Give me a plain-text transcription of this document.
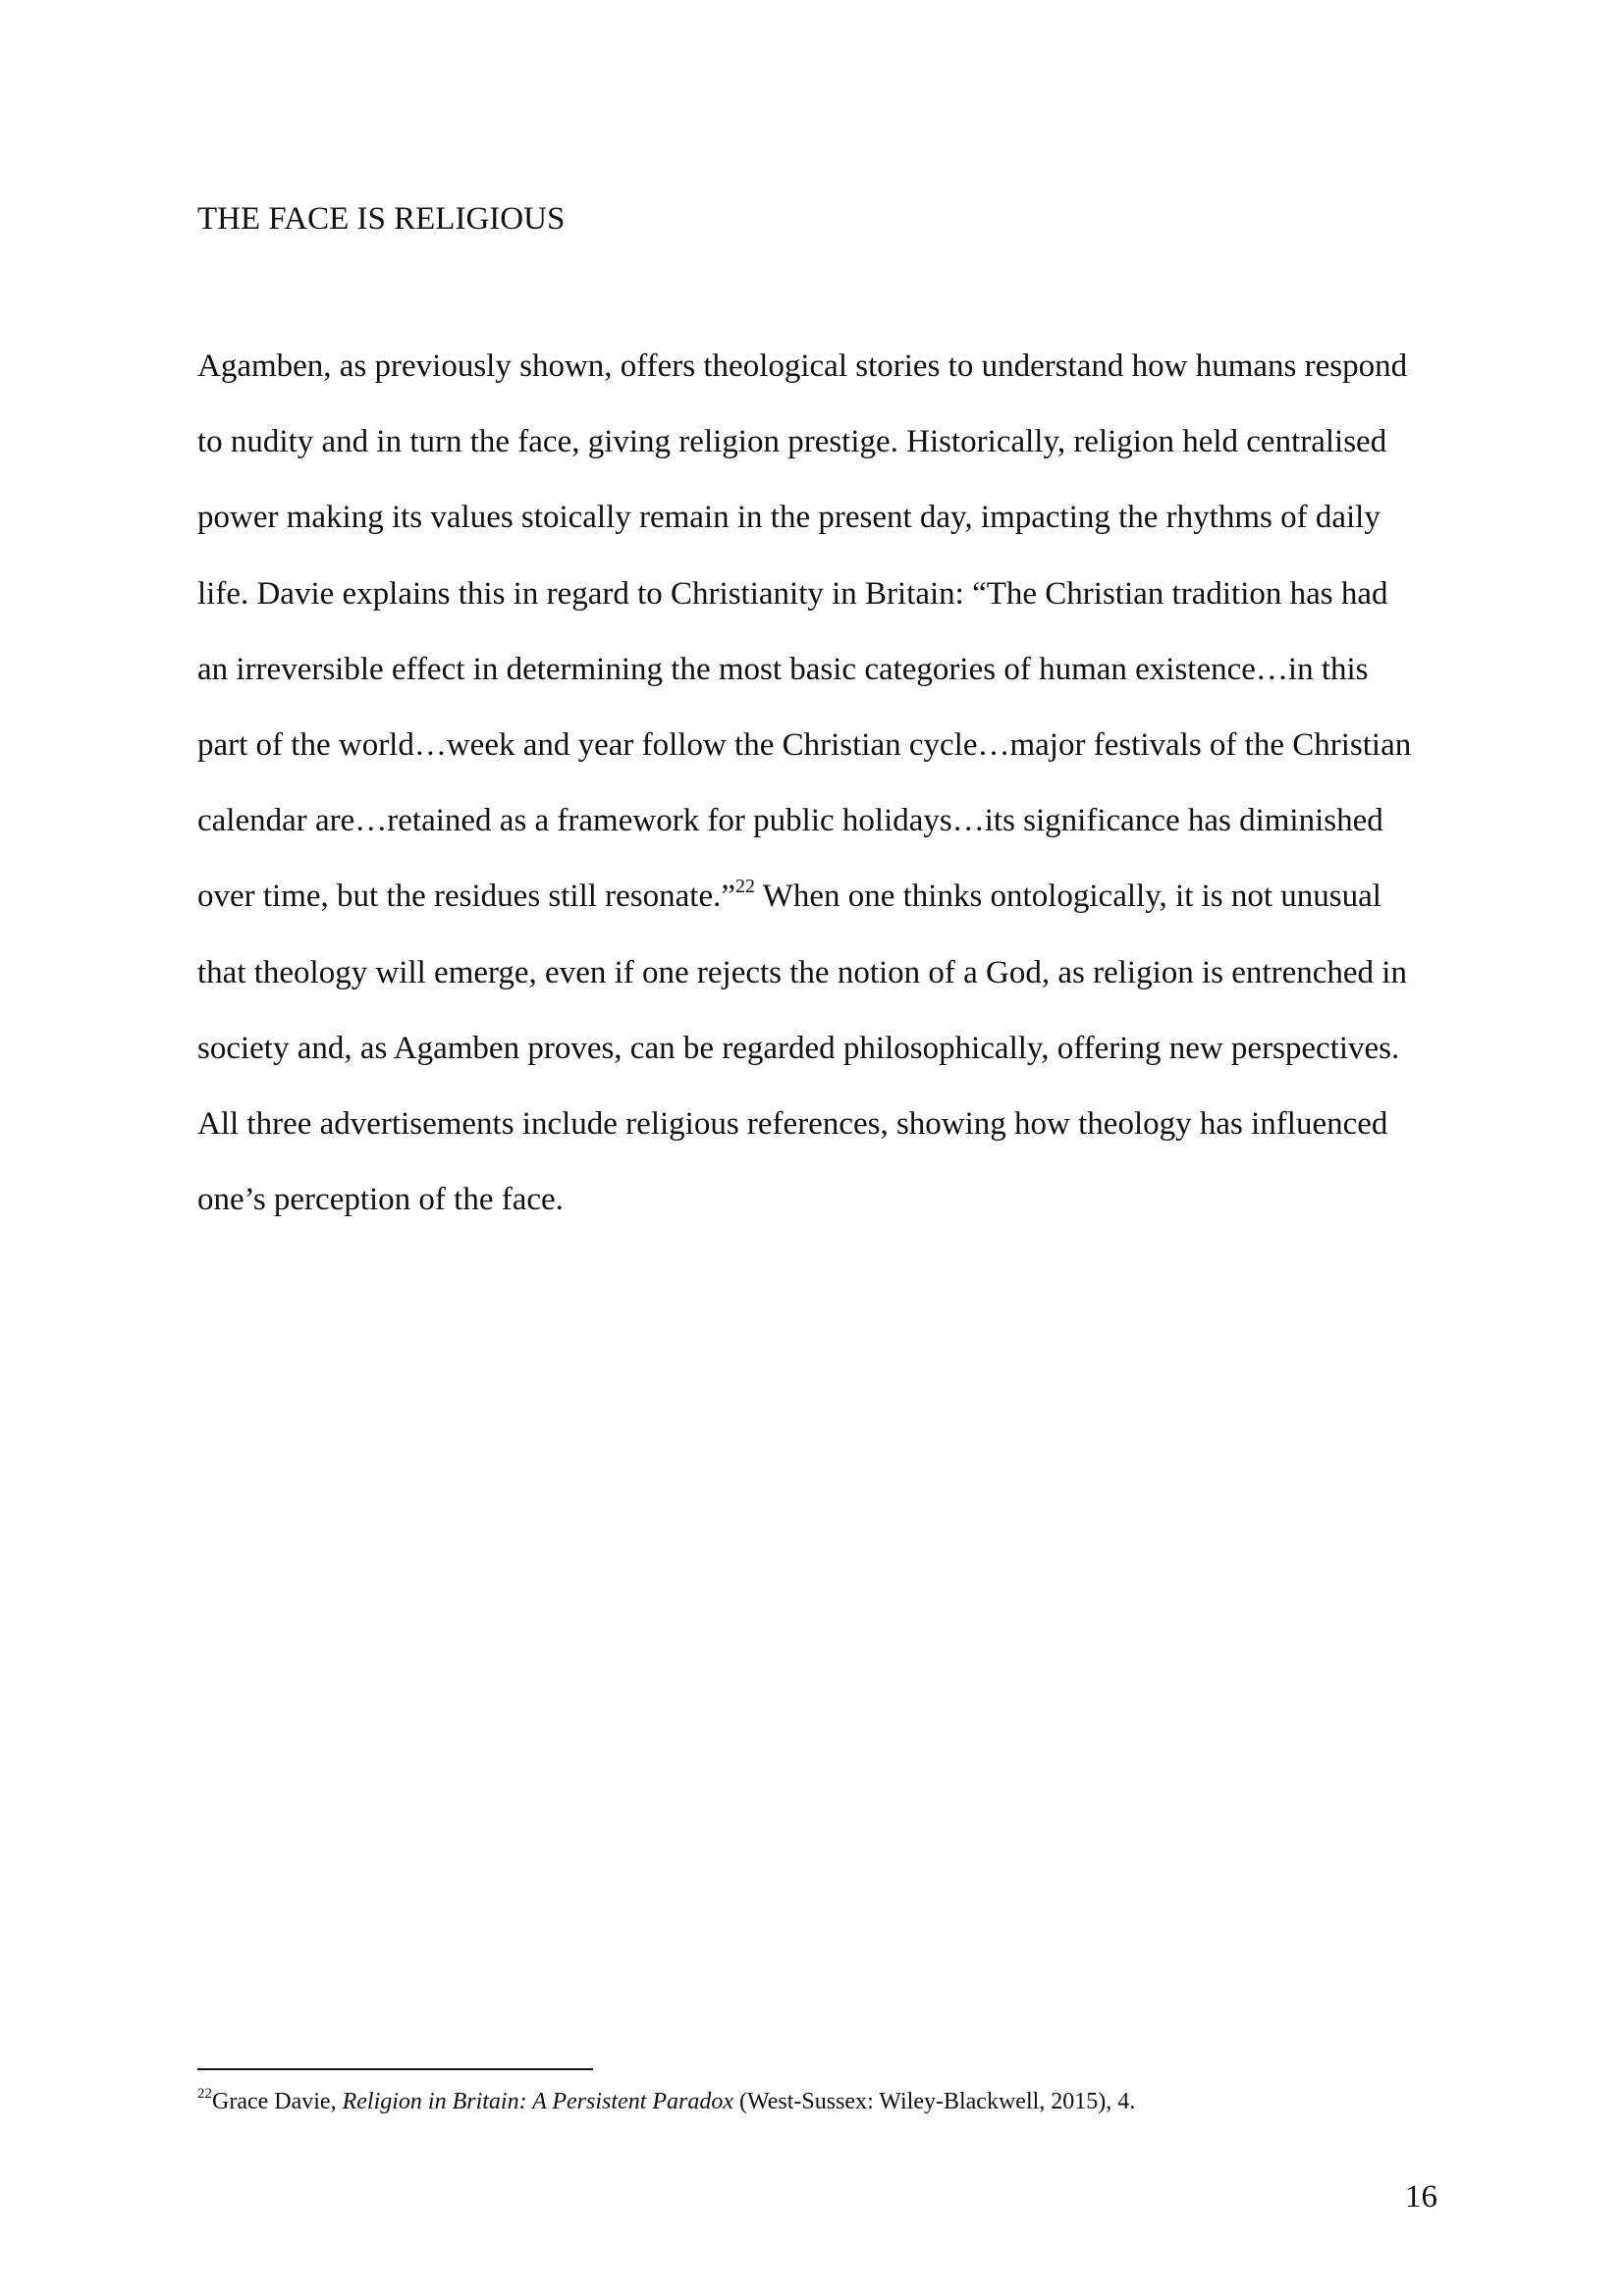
THE FACE IS RELIGIOUS
Agamben, as previously shown, offers theological stories to understand how humans respond
to nudity and in turn the face, giving religion prestige. Historically, religion held centralised
power making its values stoically remain in the present day, impacting the rhythms of daily
life. Davie explains this in regard to Christianity in Britain: “The Christian tradition has had
an irreversible effect in determining the most basic categories of human existence…in this
part of the world…week and year follow the Christian cycle…major festivals of the Christian
calendar are…retained as a framework for public holidays…its significance has diminished
over time, but the residues still resonate.”$^{22}$ When one thinks ontologically, it is not unusual
that theology will emerge, even if one rejects the notion of a God, as religion is entrenched in
society and, as Agamben proves, can be regarded philosophically, offering new perspectives.
All three advertisements include religious references, showing how theology has influenced
one’s perception of the face.
$^{22}$Grace Davie, Religion in Britain: A Persistent Paradox (West-Sussex: Wiley-Blackwell, 2015), 4.
16
